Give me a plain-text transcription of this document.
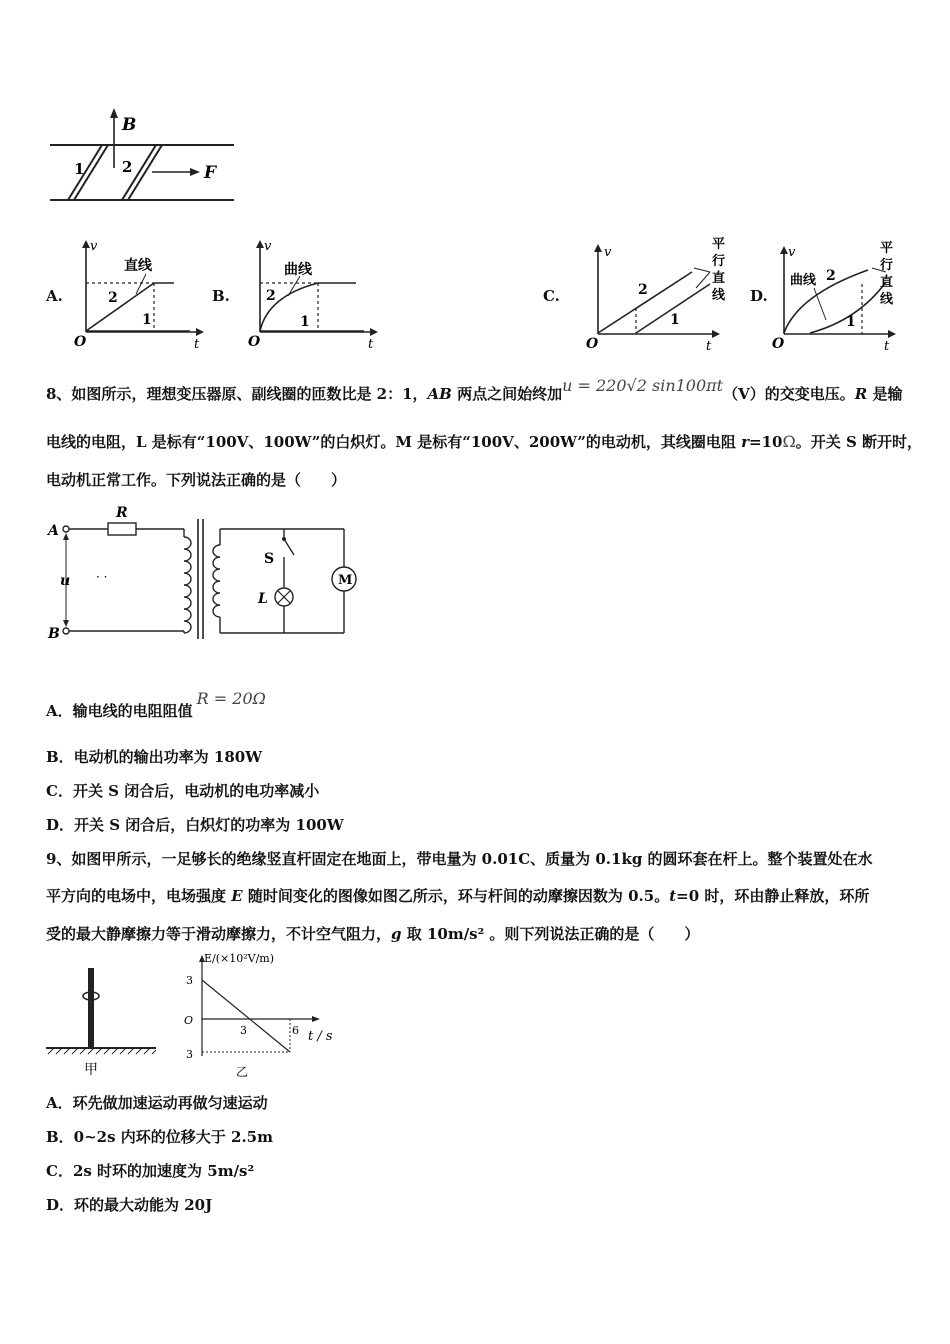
B
F
1	2
A.
v
t
O
直线
2
1
B.
v
t
O
曲线
2
1
C.
v
t
O
2
1
平
行
直
线 D.
v
t
O
曲线 2
1
平
行
直
线
8、如图所示，理想变压器原、副线圈的匝数比是 2：1，AB 两点之间始终加u = 220√2 sin100πt（V）的交变电压。R 是输
电线的电阻，L 是标有“100V、100W”的白炽灯。M 是标有“100V、200W”的电动机，其线圈电阻 r=10Ω。开关 S 断开时，
电动机正常工作。下列说法正确的是（　　）
A
B
u · ·
R
S
L
M
A．输电线的电阻阻值R = 20Ω
B．电动机的输出功率为 180W
C．开关 S 闭合后，电动机的电功率减小
D．开关 S 闭合后，白炽灯的功率为 100W
9、如图甲所示，一足够长的绝缘竖直杆固定在地面上，带电量为 0.01C、质量为 0.1kg 的圆环套在杆上。整个装置处在水
平方向的电场中，电场强度 E 随时间变化的图像如图乙所示，环与杆间的动摩擦因数为 0.5。t=0 时，环由静止释放，环所
受的最大静摩擦力等于滑动摩擦力，不计空气阻力，g 取 10m/s² 。则下列说法正确的是（　　）
甲
E/(×10²V/m)
t / s
3
O
3
3	6
乙
A．环先做加速运动再做匀速运动
B．0~2s 内环的位移大于 2.5m
C．2s 时环的加速度为 5m/s²
D．环的最大动能为 20J
